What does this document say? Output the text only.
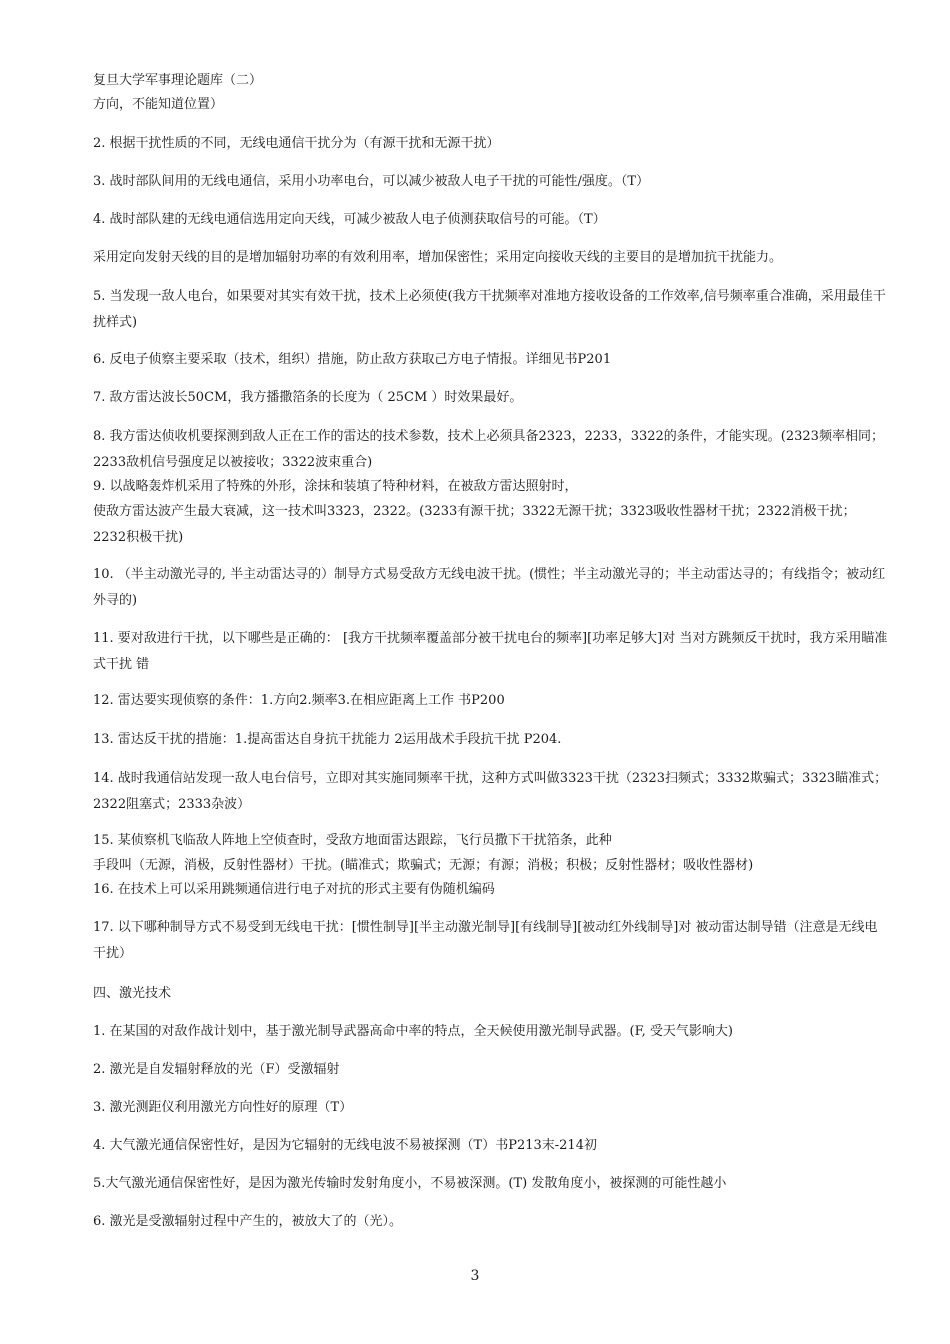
复旦大学军事理论题库（二）
方向，不能知道位置）
2. 根据干扰性质的不同，无线电通信干扰分为（有源干扰和无源干扰）
3. 战时部队间用的无线电通信，采用小功率电台，可以减少被敌人电子干扰的可能性/强度。（T）
4. 战时部队建的无线电通信选用定向天线，可减少被敌人电子侦测获取信号的可能。（T）
采用定向发射天线的目的是增加辐射功率的有效利用率，增加保密性；采用定向接收天线的主要目的是增加抗干扰能力。
5. 当发现一敌人电台，如果要对其实有效干扰，技术上必须使(我方干扰频率对准地方接收设备的工作效率,信号频率重合准确，采用最佳干扰样式)
6. 反电子侦察主要采取（技术，组织）措施，防止敌方获取己方电子情报。详细见书P201
7. 敌方雷达波长50CM，我方播撒箔条的长度为（ 25CM ）时效果最好。
8. 我方雷达侦收机要探测到敌人正在工作的雷达的技术参数，技术上必须具备2323，2233，3322的条件，才能实现。(2323频率相同；2233敌机信号强度足以被接收；3322波束重合)
9. 以战略轰炸机采用了特殊的外形，涂抹和装填了特种材料，在被敌方雷达照射时，
使敌方雷达波产生最大衰减，这一技术叫3323，2322。(3233有源干扰；3322无源干扰；3323吸收性器材干扰；2322消极干扰；2232积极干扰)
10. （半主动激光寻的, 半主动雷达寻的）制导方式易受敌方无线电波干扰。(惯性；半主动激光寻的；半主动雷达寻的；有线指令；被动红外寻的)
11. 要对敌进行干扰，以下哪些是正确的： [我方干扰频率覆盖部分被干扰电台的频率][功率足够大]对 当对方跳频反干扰时，我方采用瞄准式干扰 错
12. 雷达要实现侦察的条件：1.方向2.频率3.在相应距离上工作 书P200
13. 雷达反干扰的措施：1.提高雷达自身抗干扰能力 2运用战术手段抗干扰 P204.
14. 战时我通信站发现一敌人电台信号，立即对其实施同频率干扰，这种方式叫做3323干扰（2323扫频式；3332欺骗式；3323瞄准式；2322阻塞式；2333杂波）
15. 某侦察机飞临敌人阵地上空侦查时，受敌方地面雷达跟踪，飞行员撒下干扰箔条，此种
手段叫（无源，消极，反射性器材）干扰。(瞄准式；欺骗式；无源；有源；消极；积极；反射性器材；吸收性器材)
16. 在技术上可以采用跳频通信进行电子对抗的形式主要有伪随机编码
17. 以下哪种制导方式不易受到无线电干扰：[惯性制导][半主动激光制导][有线制导][被动红外线制导]对 被动雷达制导错（注意是无线电干扰）
四、激光技术
1. 在某国的对敌作战计划中，基于激光制导武器高命中率的特点，全天候使用激光制导武器。(F, 受天气影响大)
2. 激光是自发辐射释放的光（F）受激辐射
3. 激光测距仪利用激光方向性好的原理（T）
4. 大气激光通信保密性好，是因为它辐射的无线电波不易被探测（T）书P213末-214初
5.大气激光通信保密性好，是因为激光传输时发射角度小，不易被深测。(T) 发散角度小，被探测的可能性越小
6. 激光是受激辐射过程中产生的，被放大了的（光）。
3
